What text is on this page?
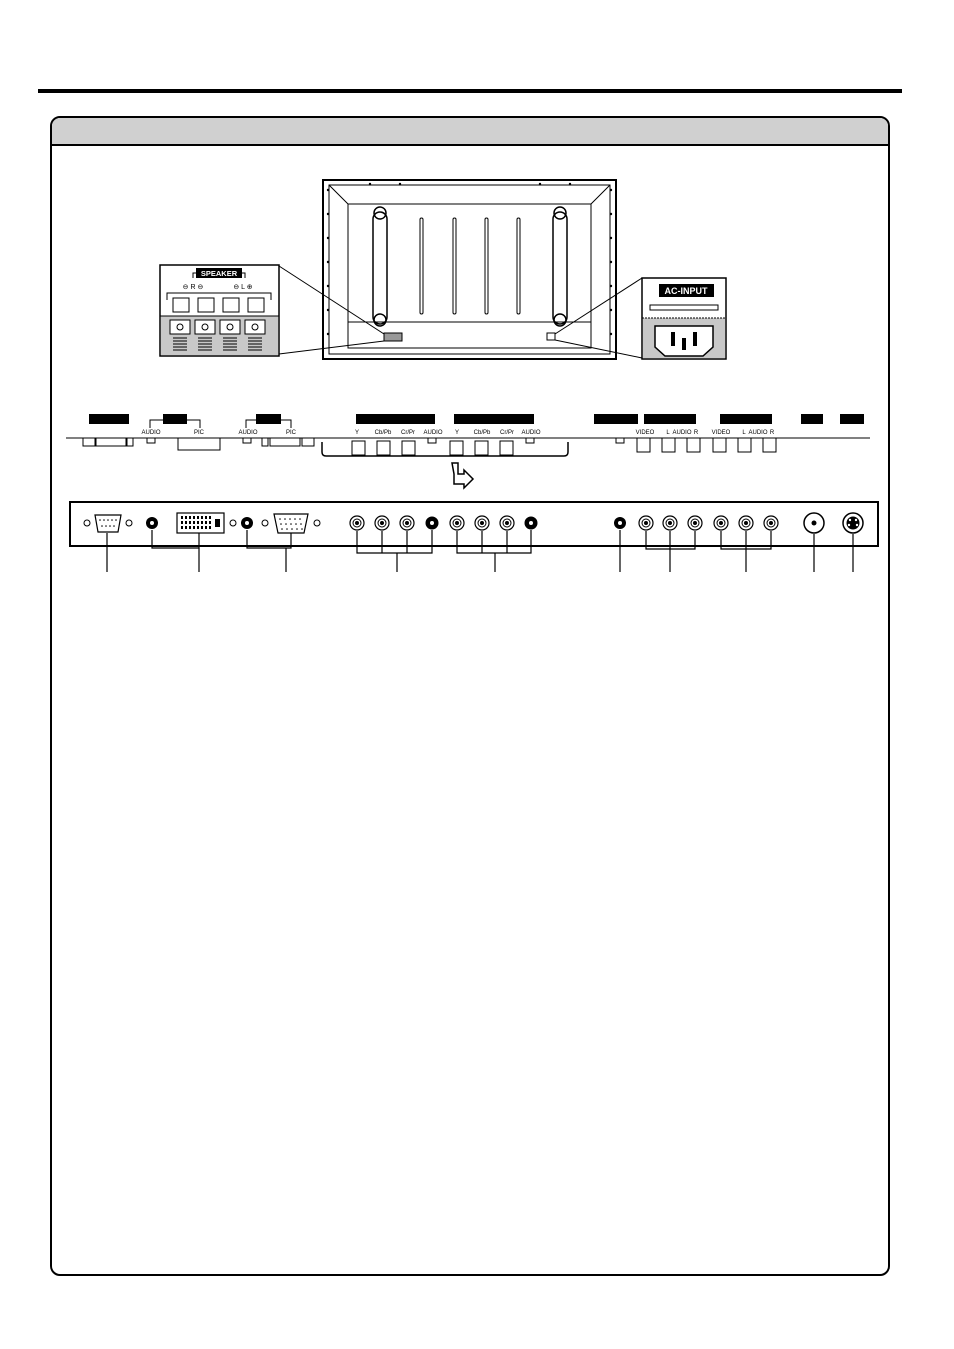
SPEAKER
⊖ R ⊖	⊖ L ⊕	AC-INPUT
AUDIO	PIC	AUDIO	PIC	Y	Cb/Pb Cr/Pr AUDIO Y Cb/Pb Cr/Pr AUDIO	VIDEO L AUDIO R VIDEO L AUDIO R
